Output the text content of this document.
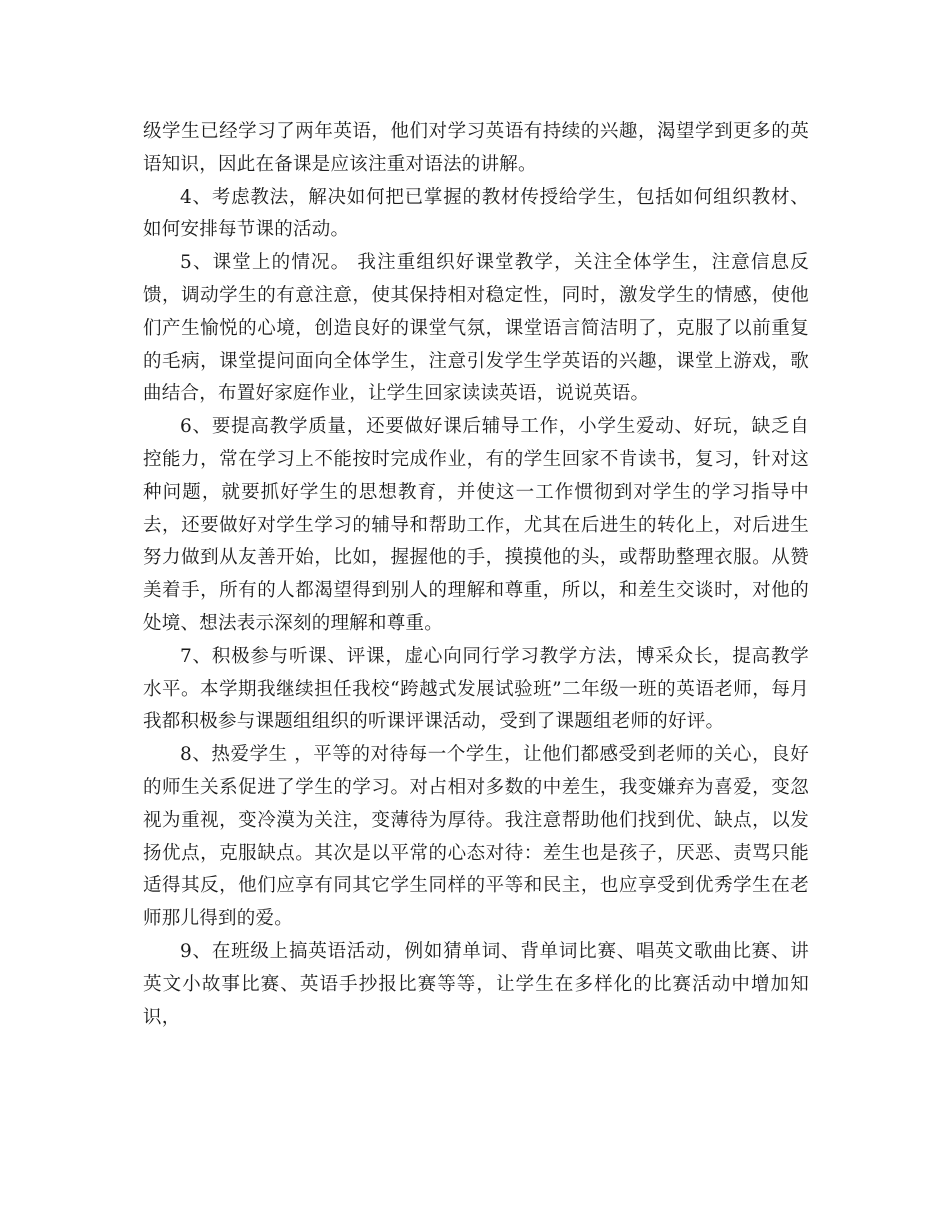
级学生已经学习了两年英语，他们对学习英语有持续的兴趣，渴望学到更多的英语知识，因此在备课是应该注重对语法的讲解。

4、考虑教法，解决如何把已掌握的教材传授给学生，包括如何组织教材、如何安排每节课的活动。

5、课堂上的情况。 我注重组织好课堂教学，关注全体学生，注意信息反馈，调动学生的有意注意，使其保持相对稳定性，同时，激发学生的情感，使他们产生愉悦的心境，创造良好的课堂气氛，课堂语言简洁明了，克服了以前重复的毛病，课堂提问面向全体学生，注意引发学生学英语的兴趣，课堂上游戏，歌曲结合，布置好家庭作业，让学生回家读读英语，说说英语。

6、要提高教学质量，还要做好课后辅导工作，小学生爱动、好玩，缺乏自控能力，常在学习上不能按时完成作业，有的学生回家不肯读书，复习，针对这种问题，就要抓好学生的思想教育，并使这一工作惯彻到对学生的学习指导中去，还要做好对学生学习的辅导和帮助工作，尤其在后进生的转化上，对后进生努力做到从友善开始，比如，握握他的手，摸摸他的头，或帮助整理衣服。从赞美着手，所有的人都渴望得到别人的理解和尊重，所以，和差生交谈时，对他的处境、想法表示深刻的理解和尊重。

7、积极参与听课、评课，虚心向同行学习教学方法，博采众长，提高教学水平。本学期我继续担任我校“跨越式发展试验班”二年级一班的英语老师，每月我都积极参与课题组组织的听课评课活动，受到了课题组老师的好评。

8、热爱学生 ，平等的对待每一个学生，让他们都感受到老师的关心，良好的师生关系促进了学生的学习。对占相对多数的中差生，我变嫌弃为喜爱，变忽视为重视，变冷漠为关注，变薄待为厚待。我注意帮助他们找到优、缺点，以发扬优点，克服缺点。其次是以平常的心态对待：差生也是孩子，厌恶、责骂只能适得其反，他们应享有同其它学生同样的平等和民主，也应享受到优秀学生在老师那儿得到的爱。

9、在班级上搞英语活动，例如猜单词、背单词比赛、唱英文歌曲比赛、讲英文小故事比赛、英语手抄报比赛等等，让学生在多样化的比赛活动中增加知识，
